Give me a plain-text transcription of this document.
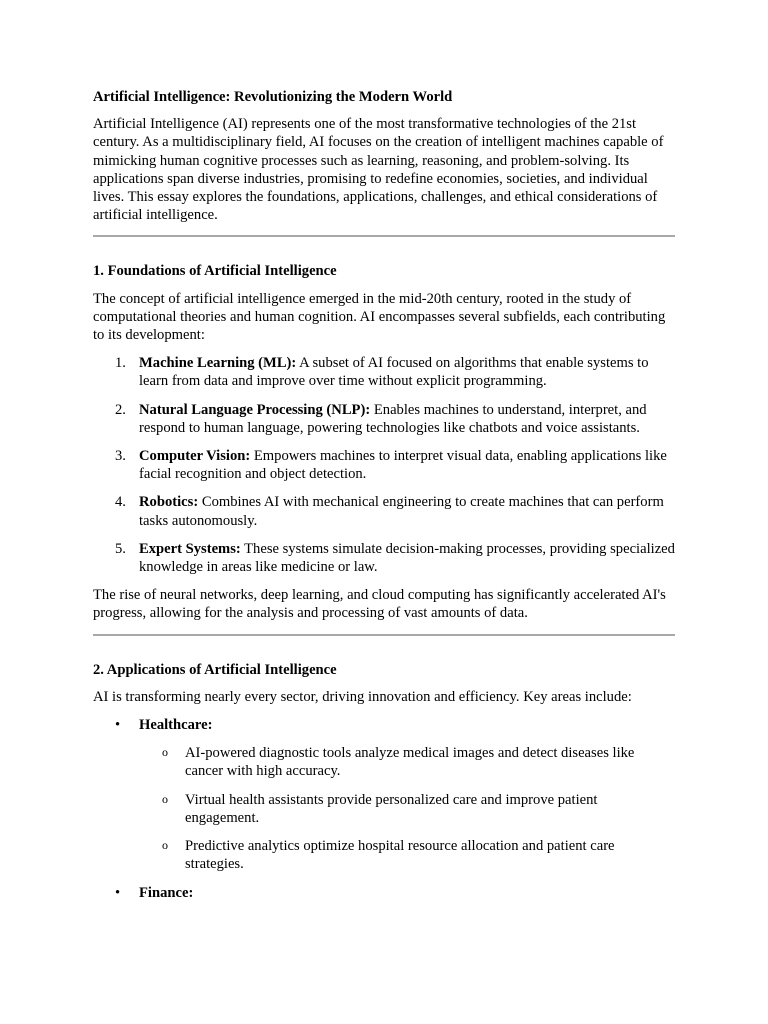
Artificial Intelligence: Revolutionizing the Modern World

Artificial Intelligence (AI) represents one of the most transformative technologies of the 21st century. As a multidisciplinary field, AI focuses on the creation of intelligent machines capable of mimicking human cognitive processes such as learning, reasoning, and problem-solving. Its applications span diverse industries, promising to redefine economies, societies, and individual lives. This essay explores the foundations, applications, challenges, and ethical considerations of artificial intelligence.

1. Foundations of Artificial Intelligence

The concept of artificial intelligence emerged in the mid-20th century, rooted in the study of computational theories and human cognition. AI encompasses several subfields, each contributing to its development:

1. Machine Learning (ML): A subset of AI focused on algorithms that enable systems to learn from data and improve over time without explicit programming.
2. Natural Language Processing (NLP): Enables machines to understand, interpret, and respond to human language, powering technologies like chatbots and voice assistants.
3. Computer Vision: Empowers machines to interpret visual data, enabling applications like facial recognition and object detection.
4. Robotics: Combines AI with mechanical engineering to create machines that can perform tasks autonomously.
5. Expert Systems: These systems simulate decision-making processes, providing specialized knowledge in areas like medicine or law.

The rise of neural networks, deep learning, and cloud computing has significantly accelerated AI's progress, allowing for the analysis and processing of vast amounts of data.

2. Applications of Artificial Intelligence

AI is transforming nearly every sector, driving innovation and efficiency. Key areas include:

• Healthcare:
o AI-powered diagnostic tools analyze medical images and detect diseases like cancer with high accuracy.
o Virtual health assistants provide personalized care and improve patient engagement.
o Predictive analytics optimize hospital resource allocation and patient care strategies.
• Finance:
